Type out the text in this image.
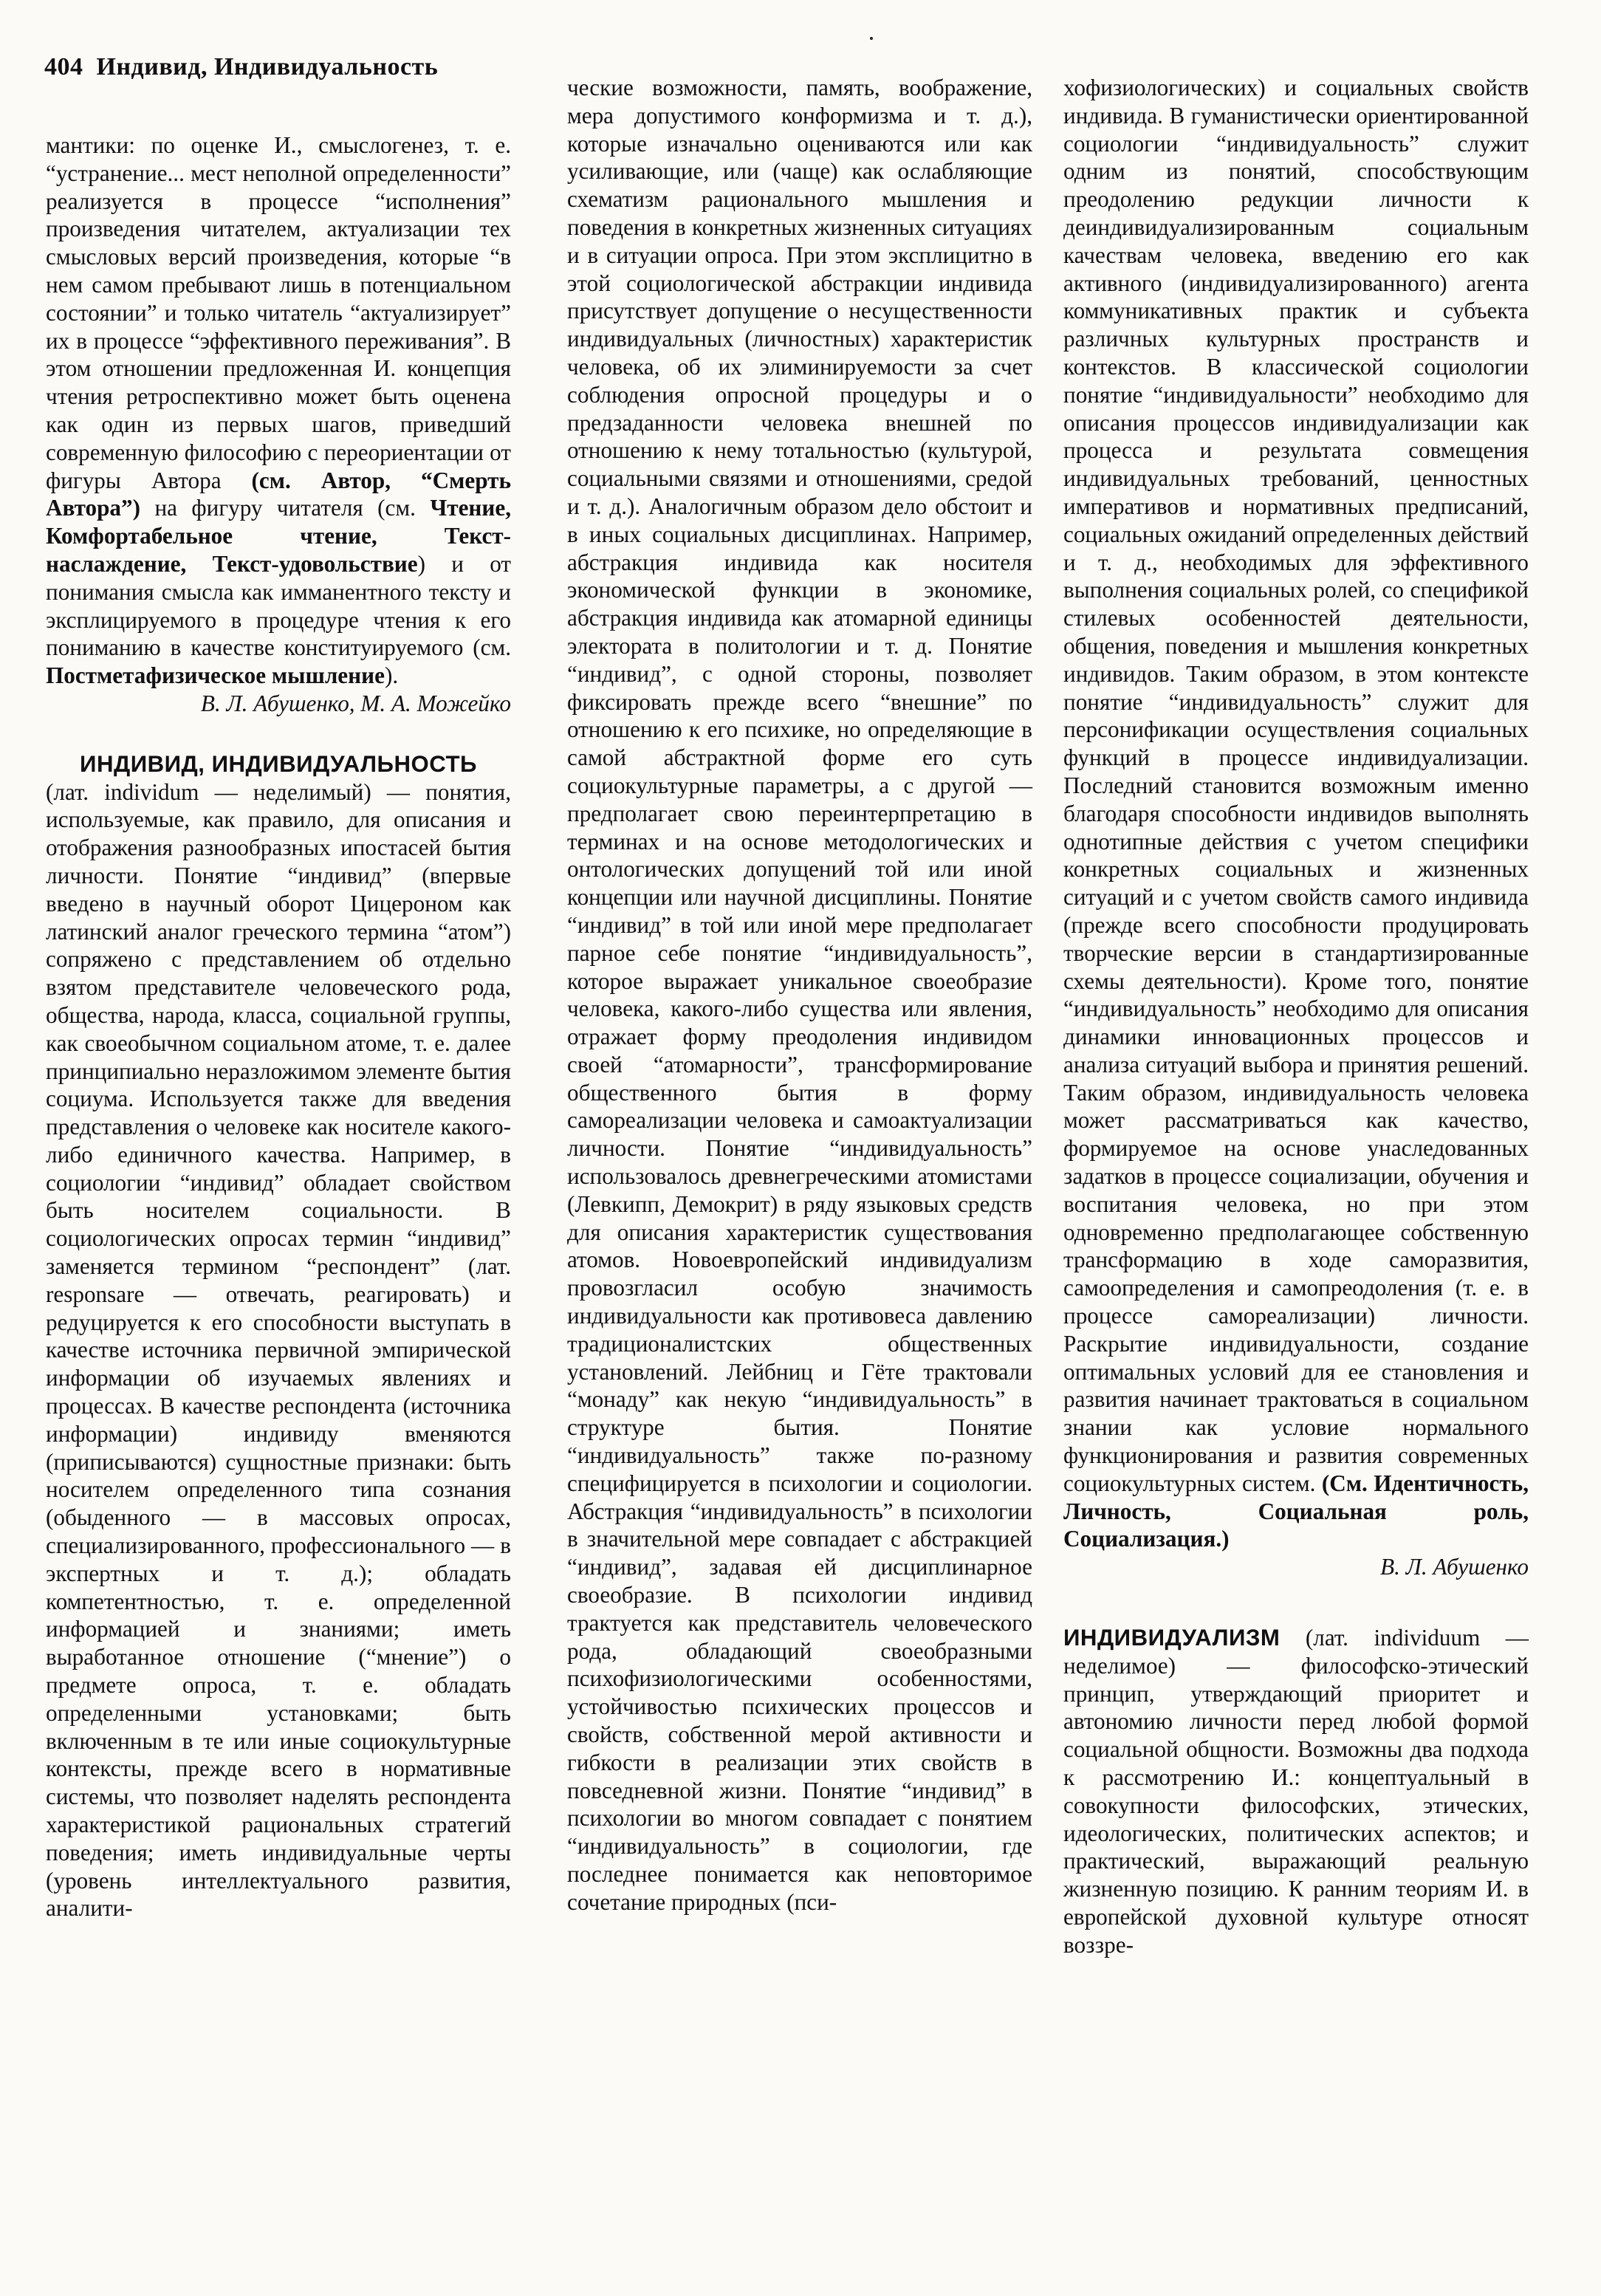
404 Индивид, Индивидуальность

мантики: по оценке И., смыслогенез, т. е. “устранение... мест неполной определенности” реализуется в процессе “исполнения” произведения читателем, актуализации тех смысловых версий произведения, которые “в нем самом пребывают лишь в потенциальном состоянии” и только читатель “актуализирует” их в процессе “эффективного переживания”. В этом отношении предложенная И. концепция чтения ретроспективно может быть оценена как один из первых шагов, приведший современную философию с переориентации от фигуры Автора (см. Автор, “Смерть Автора”) на фигуру читателя (см. Чтение, Комфортабельное чтение, Текст-наслаждение, Текст-удовольствие) и от понимания смысла как имманентного тексту и эксплицируемого в процедуре чтения к его пониманию в качестве конституируемого (см. Постметафизическое мышление).

В. Л. Абушенко, М. А. Можейко

ИНДИВИД, ИНДИВИДУАЛЬНОСТЬ

(лат. individum — неделимый) — понятия, используемые, как правило, для описания и отображения разнообразных ипостасей бытия личности. Понятие “индивид” (впервые введено в научный оборот Цицероном как латинский аналог греческого термина “атом”) сопряжено с представлением об отдельно взятом представителе человеческого рода, общества, народа, класса, социальной группы, как своеобычном социальном атоме, т. е. далее принципиально неразложимом элементе бытия социума. Используется также для введения представления о человеке как носителе какого-либо единичного качества. Например, в социологии “индивид” обладает свойством быть носителем социальности. В социологических опросах термин “индивид” заменяется термином “респондент” (лат. responsare — отвечать, реагировать) и редуцируется к его способности выступать в качестве источника первичной эмпирической информации об изучаемых явлениях и процессах. В качестве респондента (источника информации) индивиду вменяются (приписываются) сущностные признаки: быть носителем определенного типа сознания (обыденного — в массовых опросах, специализированного, профессионального — в экспертных и т. д.); обладать компетентностью, т. е. определенной информацией и знаниями; иметь выработанное отношение (“мнение”) о предмете опроса, т. е. обладать определенными установками; быть включенным в те или иные социокультурные контексты, прежде всего в нормативные системы, что позволяет наделять респондента характеристикой рациональных стратегий поведения; иметь индивидуальные черты (уровень интеллектуального развития, аналити-

ческие возможности, память, воображение, мера допустимого конформизма и т. д.), которые изначально оцениваются или как усиливающие, или (чаще) как ослабляющие схематизм рационального мышления и поведения в конкретных жизненных ситуациях и в ситуации опроса. При этом эксплицитно в этой социологической абстракции индивида присутствует допущение о несущественности индивидуальных (личностных) характеристик человека, об их элиминируемости за счет соблюдения опросной процедуры и о предзаданности человека внешней по отношению к нему тотальностью (культурой, социальными связями и отношениями, средой и т. д.). Аналогичным образом дело обстоит и в иных социальных дисциплинах. Например, абстракция индивида как носителя экономической функции в экономике, абстракция индивида как атомарной единицы электората в политологии и т. д. Понятие “индивид”, с одной стороны, позволяет фиксировать прежде всего “внешние” по отношению к его психике, но определяющие в самой абстрактной форме его суть социокультурные параметры, а с другой — предполагает свою переинтерпретацию в терминах и на основе методологических и онтологических допущений той или иной концепции или научной дисциплины. Понятие “индивид” в той или иной мере предполагает парное себе понятие “индивидуальность”, которое выражает уникальное своеобразие человека, какого-либо существа или явления, отражает форму преодоления индивидом своей “атомарности”, трансформирование общественного бытия в форму самореализации человека и самоактуализации личности. Понятие “индивидуальность” использовалось древнегреческими атомистами (Левкипп, Демокрит) в ряду языковых средств для описания характеристик существования атомов. Новоевропейский индивидуализм провозгласил особую значимость индивидуальности как противовеса давлению традиционалистских общественных установлений. Лейбниц и Гёте трактовали “монаду” как некую “индивидуальность” в структуре бытия. Понятие “индивидуальность” также по-разному специфицируется в психологии и социологии. Абстракция “индивидуальность” в психологии в значительной мере совпадает с абстракцией “индивид”, задавая ей дисциплинарное своеобразие. В психологии индивид трактуется как представитель человеческого рода, обладающий своеобразными психофизиологическими особенностями, устойчивостью психических процессов и свойств, собственной мерой активности и гибкости в реализации этих свойств в повседневной жизни. Понятие “индивид” в психологии во многом совпадает с понятием “индивидуальность” в социологии, где последнее понимается как неповторимое сочетание природных (пси-

хофизиологических) и социальных свойств индивида. В гуманистически ориентированной социологии “индивидуальность” служит одним из понятий, способствующим преодолению редукции личности к деиндивидуализированным социальным качествам человека, введению его как активного (индивидуализированного) агента коммуникативных практик и субъекта различных культурных пространств и контекстов. В классической социологии понятие “индивидуальности” необходимо для описания процессов индивидуализации как процесса и результата совмещения индивидуальных требований, ценностных императивов и нормативных предписаний, социальных ожиданий определенных действий и т. д., необходимых для эффективного выполнения социальных ролей, со спецификой стилевых особенностей деятельности, общения, поведения и мышления конкретных индивидов. Таким образом, в этом контексте понятие “индивидуальность” служит для персонификации осуществления социальных функций в процессе индивидуализации. Последний становится возможным именно благодаря способности индивидов выполнять однотипные действия с учетом специфики конкретных социальных и жизненных ситуаций и с учетом свойств самого индивида (прежде всего способности продуцировать творческие версии в стандартизированные схемы деятельности). Кроме того, понятие “индивидуальность” необходимо для описания динамики инновационных процессов и анализа ситуаций выбора и принятия решений. Таким образом, индивидуальность человека может рассматриваться как качество, формируемое на основе унаследованных задатков в процессе социализации, обучения и воспитания человека, но при этом одновременно предполагающее собственную трансформацию в ходе саморазвития, самоопределения и самопреодоления (т. е. в процессе самореализации) личности. Раскрытие индивидуальности, создание оптимальных условий для ее становления и развития начинает трактоваться в социальном знании как условие нормального функционирования и развития современных социокультурных систем. (См. Идентичность, Личность, Социальная роль, Социализация.)

В. Л. Абушенко

ИНДИВИДУАЛИЗМ (лат. individuum — неделимое) — философско-этический принцип, утверждающий приоритет и автономию личности перед любой формой социальной общности. Возможны два подхода к рассмотрению И.: концептуальный в совокупности философских, этических, идеологических, политических аспектов; и практический, выражающий реальную жизненную позицию. К ранним теориям И. в европейской духовной культуре относят воззре-
